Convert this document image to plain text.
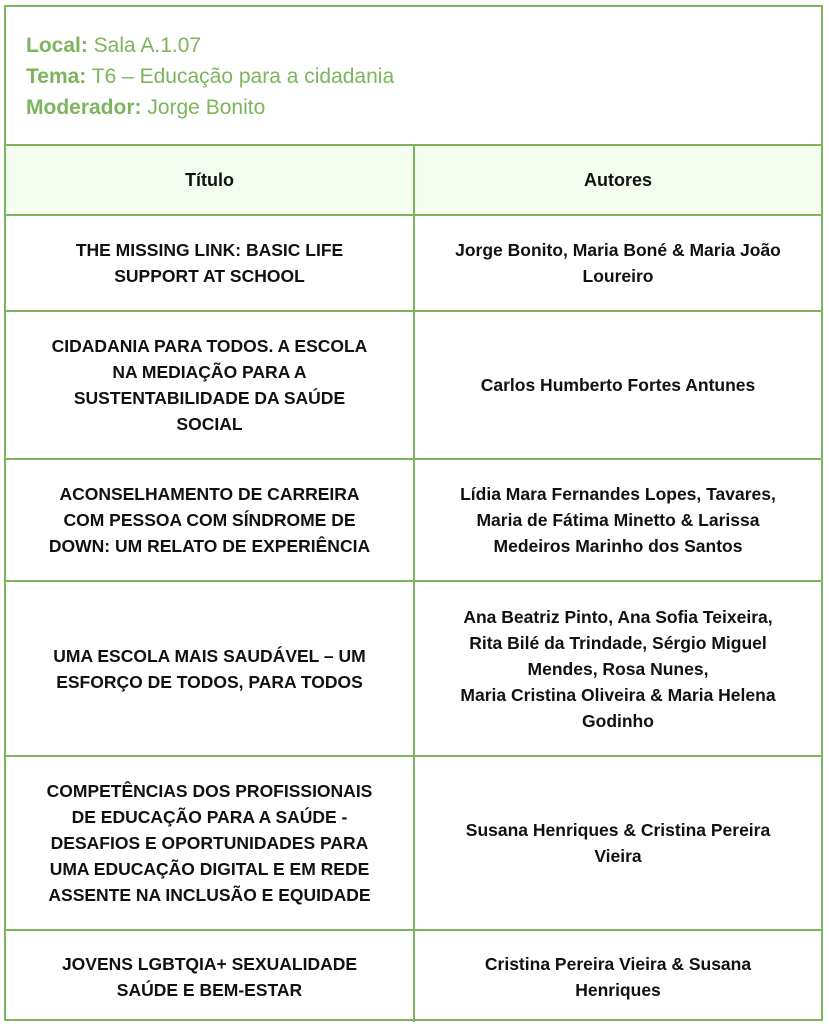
Local: Sala A.1.07
Tema: T6 – Educação para a cidadania
Moderador: Jorge Bonito
Título	Autores
THE MISSING LINK: BASIC LIFE
SUPPORT AT SCHOOL
Jorge Bonito, Maria Boné & Maria João
Loureiro
CIDADANIA PARA TODOS. A ESCOLA
NA MEDIAÇÃO PARA A
SUSTENTABILIDADE DA SAÚDE
SOCIAL
Carlos Humberto Fortes Antunes
ACONSELHAMENTO DE CARREIRA
COM PESSOA COM SÍNDROME DE
DOWN: UM RELATO DE EXPERIÊNCIA
Lídia Mara Fernandes Lopes, Tavares,
Maria de Fátima Minetto & Larissa
Medeiros Marinho dos Santos
UMA ESCOLA MAIS SAUDÁVEL – UM
ESFORÇO DE TODOS, PARA TODOS
Ana Beatriz Pinto, Ana Sofia Teixeira,
Rita Bilé da Trindade, Sérgio Miguel
Mendes, Rosa Nunes,
Maria Cristina Oliveira & Maria Helena
Godinho
COMPETÊNCIAS DOS PROFISSIONAIS
DE EDUCAÇÃO PARA A SAÚDE -
DESAFIOS E OPORTUNIDADES PARA
UMA EDUCAÇÃO DIGITAL E EM REDE
ASSENTE NA INCLUSÃO E EQUIDADE
Susana Henriques & Cristina Pereira
Vieira
JOVENS LGBTQIA+ SEXUALIDADE
SAÚDE E BEM-ESTAR
Cristina Pereira Vieira & Susana
Henriques
